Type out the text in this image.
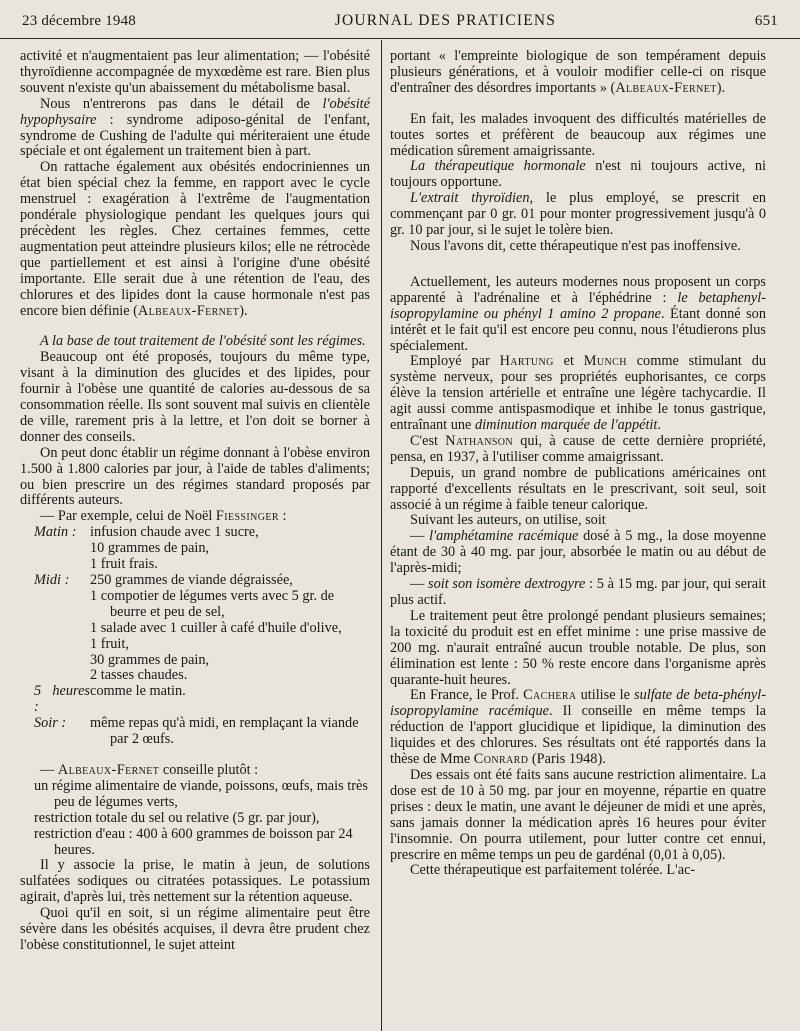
23 décembre 1948	JOURNAL DES PRATICIENS	651

activité et n'augmentaient pas leur alimentation; — l'obésité thyroïdienne accompagnée de myxœdème est rare. Bien plus souvent n'existe qu'un abaissement du métabolisme basal.

Nous n'entrerons pas dans le détail de l'obésité hypophysaire : syndrome adiposo-génital de l'enfant, syndrome de Cushing de l'adulte qui mériteraient une étude spéciale et ont également un traitement bien à part.

On rattache également aux obésités endocriniennes un état bien spécial chez la femme, en rapport avec le cycle menstruel : exagération à l'extrême de l'augmentation pondérale physiologique pendant les quelques jours qui précèdent les règles. Chez certaines femmes, cette augmentation peut atteindre plusieurs kilos; elle ne rétrocède que partiellement et est ainsi à l'origine d'une obésité importante. Elle serait due à une rétention de l'eau, des chlorures et des lipides dont la cause hormonale n'est pas encore bien définie (Albeaux-Fernet).

A la base de tout traitement de l'obésité sont les régimes.

Beaucoup ont été proposés, toujours du même type, visant à la diminution des glucides et des lipides, pour fournir à l'obèse une quantité de calories au-dessous de sa consommation réelle. Ils sont souvent mal suivis en clientèle de ville, rarement pris à la lettre, et l'on doit se borner à donner des conseils.

On peut donc établir un régime donnant à l'obèse environ 1.500 à 1.800 calories par jour, à l'aide de tables d'aliments; ou bien prescrire un des régimes standard proposés par différents auteurs.

— Par exemple, celui de Noël Fiessinger :

Matin : infusion chaude avec 1 sucre,
10 grammes de pain,
1 fruit frais.
Midi :	250 grammes de viande dégraissée,
1 compotier de légumes verts avec 5 gr. de beurre et peu de sel,
1 salade avec 1 cuiller à café d'huile d'olive,
1 fruit,
30 grammes de pain,
2 tasses chaudes.
5 heures :
comme le matin.
Soir :	même repas qu'à midi, en remplaçant la viande par 2 œufs.

— Albeaux-Fernet conseille plutôt :

un régime alimentaire de viande, poissons, œufs, mais très peu de légumes verts,
restriction totale du sel ou relative (5 gr. par jour),
restriction d'eau : 400 à 600 grammes de boisson par 24 heures.

Il y associe la prise, le matin à jeun, de solutions sulfatées sodiques ou citratées potassiques. Le potassium agirait, d'après lui, très nettement sur la rétention aqueuse.

Quoi qu'il en soit, si un régime alimentaire peut être sévère dans les obésités acquises, il devra être prudent chez l'obèse constitutionnel, le sujet atteint

portant « l'empreinte biologique de son tempérament depuis plusieurs générations, et à vouloir modifier celle-ci on risque d'entraîner des désordres importants » (Albeaux-Fernet).

En fait, les malades invoquent des difficultés matérielles de toutes sortes et préfèrent de beaucoup aux régimes une médication sûrement amaigrissante.

La thérapeutique hormonale n'est ni toujours active, ni toujours opportune.

L'extrait thyroïdien, le plus employé, se prescrit en commençant par 0 gr. 01 pour monter progressivement jusqu'à 0 gr. 10 par jour, si le sujet le tolère bien.

Nous l'avons dit, cette thérapeutique n'est pas inoffensive.

Actuellement, les auteurs modernes nous proposent un corps apparenté à l'adrénaline et à l'éphédrine : le betaphenyl-isopropylamine ou phényl 1 amino 2 propane. Étant donné son intérêt et le fait qu'il est encore peu connu, nous l'étudierons plus spécialement.

Employé par Hartung et Munch comme stimulant du système nerveux, pour ses propriétés euphorisantes, ce corps élève la tension artérielle et entraîne une légère tachycardie. Il agit aussi comme antispasmodique et inhibe le tonus gastrique, entraînant une diminution marquée de l'appétit.

C'est Nathanson qui, à cause de cette dernière propriété, pensa, en 1937, à l'utiliser comme amaigrissant.

Depuis, un grand nombre de publications américaines ont rapporté d'excellents résultats en le prescrivant, soit seul, soit associé à un régime à faible teneur calorique.

Suivant les auteurs, on utilise, soit

— l'amphétamine racémique dosé à 5 mg., la dose moyenne étant de 30 à 40 mg. par jour, absorbée le matin ou au début de l'après-midi;

— soit son isomère dextrogyre : 5 à 15 mg. par jour, qui serait plus actif.

Le traitement peut être prolongé pendant plusieurs semaines; la toxicité du produit est en effet minime : une prise massive de 200 mg. n'aurait entraîné aucun trouble notable. De plus, son élimination est lente : 50 % reste encore dans l'organisme après quarante-huit heures.

En France, le Prof. Cachera utilise le sulfate de beta-phényl-isopropylamine racémique. Il conseille en même temps la réduction de l'apport glucidique et lipidique, la diminution des liquides et des chlorures. Ses résultats ont été rapportés dans la thèse de Mme Conrard (Paris 1948).

Des essais ont été faits sans aucune restriction alimentaire. La dose est de 10 à 50 mg. par jour en moyenne, répartie en quatre prises : deux le matin, une avant le déjeuner de midi et une après, sans jamais donner la médication après 16 heures pour éviter l'insomnie. On pourra utilement, pour lutter contre cet ennui, prescrire en même temps un peu de gardénal (0,01 à 0,05).

Cette thérapeutique est parfaitement tolérée. L'ac-
